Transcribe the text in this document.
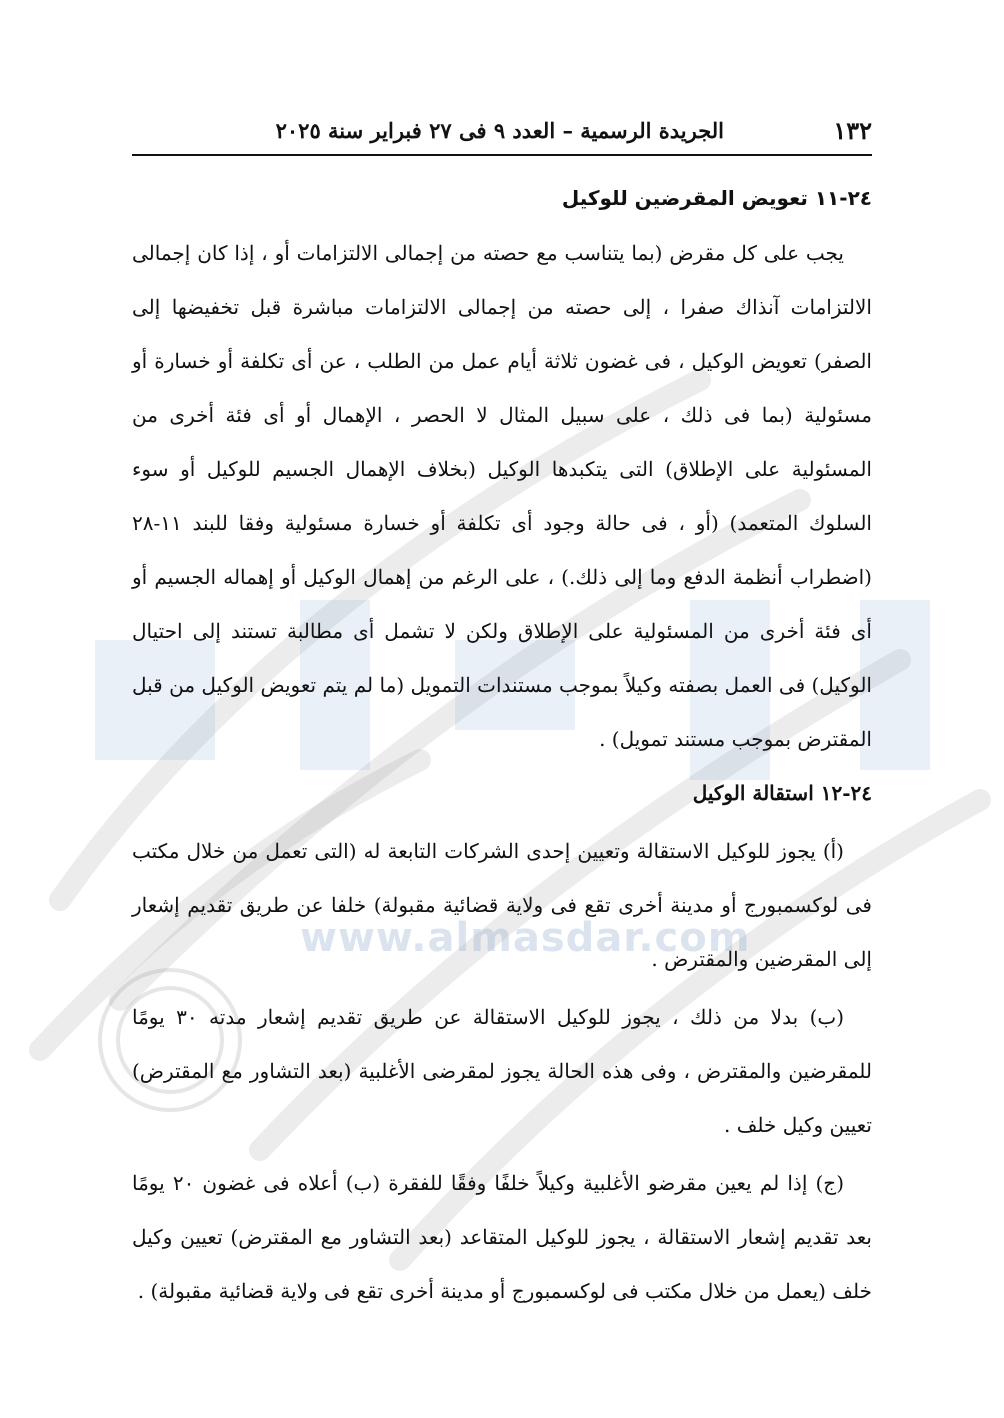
www.almasdar.com
١٣٢
الجريدة الرسمية – العدد ٩ فى ٢٧ فبراير سنة ٢٠٢٥
٢٤-١١ تعويض المقرضين للوكيل

يجب على كل مقرض (بما يتناسب مع حصته من إجمالى الالتزامات أو ، إذا كان إجمالى الالتزامات آنذاك صفرا ، إلى حصته من إجمالى الالتزامات مباشرة قبل تخفيضها إلى الصفر) تعويض الوكيل ، فى غضون ثلاثة أيام عمل من الطلب ، عن أى تكلفة أو خسارة أو مسئولية (بما فى ذلك ، على سبيل المثال لا الحصر ، الإهمال أو أى فئة أخرى من المسئولية على الإطلاق) التى يتكبدها الوكيل (بخلاف الإهمال الجسيم للوكيل أو سوء السلوك المتعمد) (أو ، فى حالة وجود أى تكلفة أو خسارة مسئولية وفقا للبند ١١-٢٨ (اضطراب أنظمة الدفع وما إلى ذلك.) ، على الرغم من إهمال الوكيل أو إهماله الجسيم أو أى فئة أخرى من المسئولية على الإطلاق ولكن لا تشمل أى مطالبة تستند إلى احتيال الوكيل) فى العمل بصفته وكيلاً بموجب مستندات التمويل (ما لم يتم تعويض الوكيل من قبل المقترض بموجب مستند تمويل) .

٢٤-١٢ استقالة الوكيل

(أ) يجوز للوكيل الاستقالة وتعيين إحدى الشركات التابعة له (التى تعمل من خلال مكتب فى لوكسمبورج أو مدينة أخرى تقع فى ولاية قضائية مقبولة) خلفا عن طريق تقديم إشعار إلى المقرضين والمقترض .

(ب) بدلا من ذلك ، يجوز للوكيل الاستقالة عن طريق تقديم إشعار مدته ٣٠ يومًا للمقرضين والمقترض ، وفى هذه الحالة يجوز لمقرضى الأغلبية (بعد التشاور مع المقترض) تعيين وكيل خلف .

(ج) إذا لم يعين مقرضو الأغلبية وكيلاً خلفًا وفقًا للفقرة (ب) أعلاه فى غضون ٢٠ يومًا بعد تقديم إشعار الاستقالة ، يجوز للوكيل المتقاعد (بعد التشاور مع المقترض) تعيين وكيل خلف (يعمل من خلال مكتب فى لوكسمبورج أو مدينة أخرى تقع فى ولاية قضائية مقبولة) .
